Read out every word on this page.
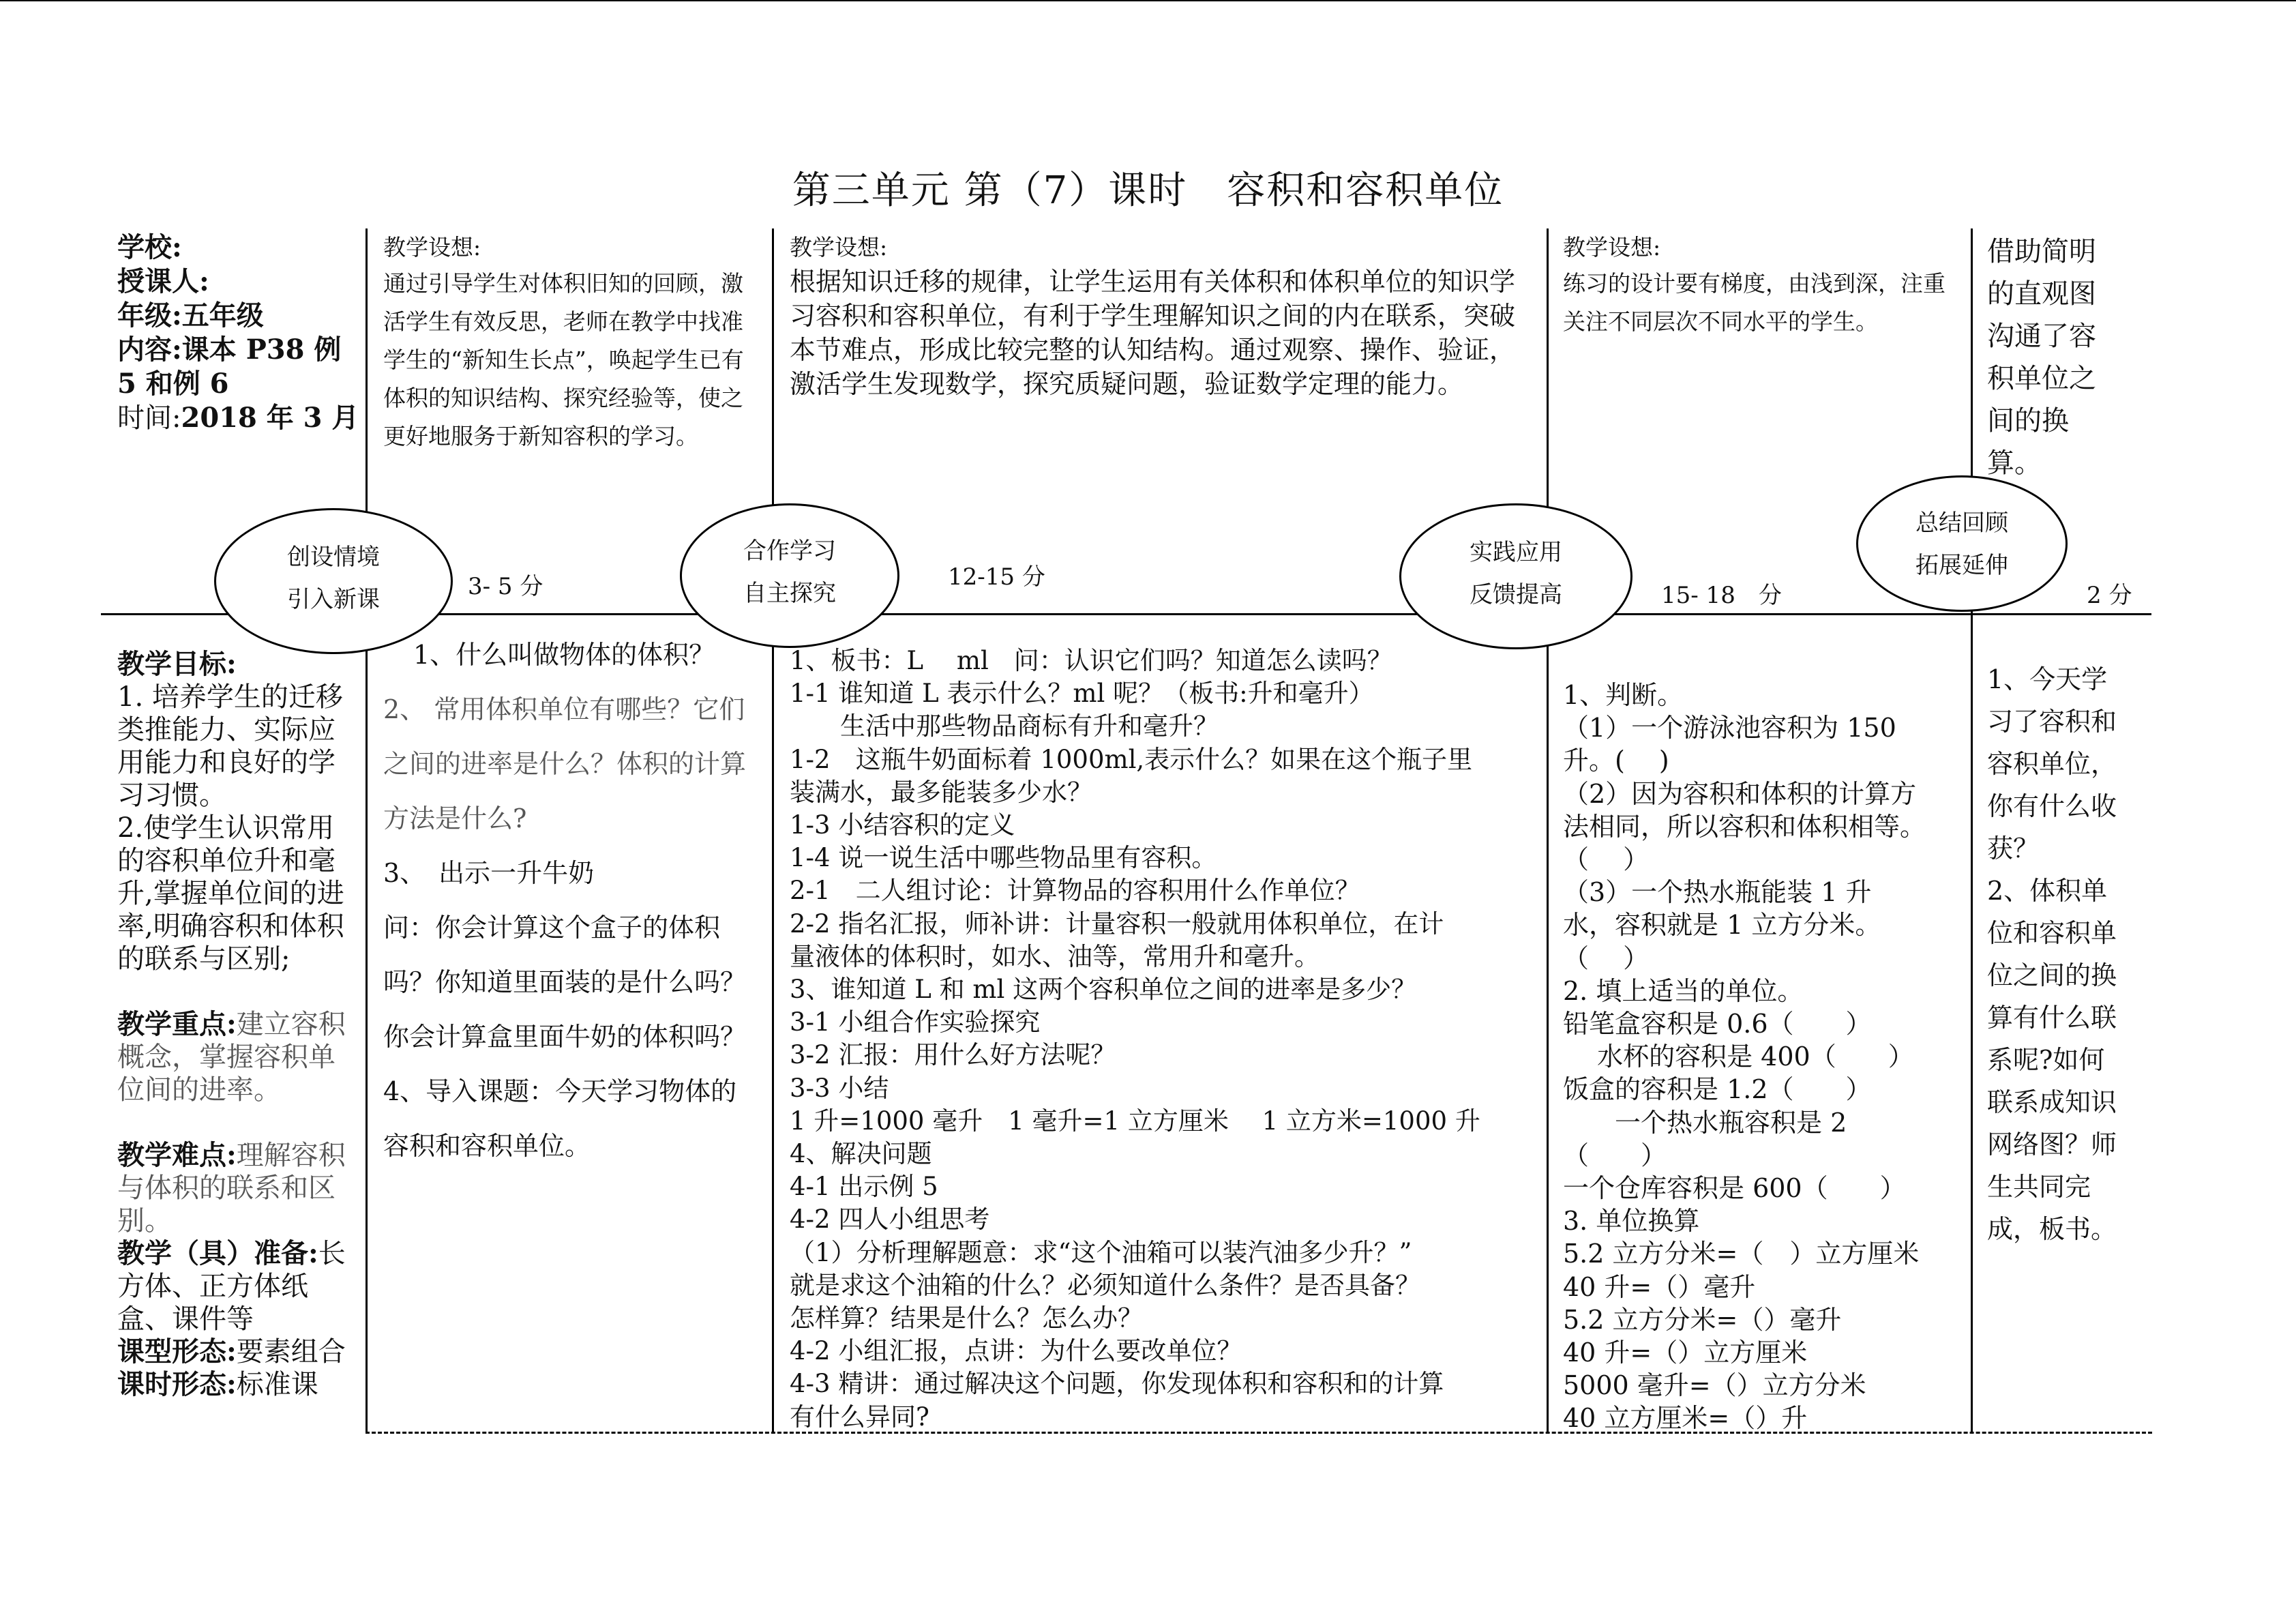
第三单元 第（7）课时　容积和容积单位
学校:
授课人:
年级:五年级
内容:课本 P38 例 5 和例 6
时间:2018 年 3 月
教学设想:
通过引导学生对体积旧知的回顾，激活学生有效反思，老师在教学中找准学生的“新知生长点”，唤起学生已有体积的知识结构、探究经验等，使之更好地服务于新知容积的学习。
教学设想:
根据知识迁移的规律，让学生运用有关体积和体积单位的知识学习容积和容积单位，有利于学生理解知识之间的内在联系，突破本节难点，形成比较完整的认知结构。通过观察、操作、验证，激活学生发现数学，探究质疑问题，验证数学定理的能力。
教学设想:
练习的设计要有梯度，由浅到深，注重关注不同层次不同水平的学生。
借助简明的直观图沟通了容积单位之间的换算。
创设情境
引入新课	3- 5 分
合作学习
自主探究
12-15 分
实践应用
反馈提高	15- 18　分
总结回顾
拓展延伸
2 分
教学目标:
1. 培养学生的迁移类推能力、实际应用能力和良好的学习习惯。
2.使学生认识常用的容积单位升和毫升,掌握单位间的进率,明确容积和体积的联系与区别;
教学重点:建立容积概念，掌握容积单位间的进率。
教学难点:理解容积与体积的联系和区别。
教学（具）准备:长方体、正方体纸盒、课件等
课型形态:要素组合
课时形态:标准课
1、什么叫做物体的体积？
2、 常用体积单位有哪些？它们之间的进率是什么？体积的计算方法是什么?
3、　出示一升牛奶
问：你会计算这个盒子的体积吗？你知道里面装的是什么吗？你会计算盒里面牛奶的体积吗？
4、导入课题：今天学习物体的容积和容积单位。
1、板书：L　 ml　问：认识它们吗？知道怎么读吗？
1-1 谁知道 L 表示什么？ml 呢？（板书:升和毫升）
　　生活中那些物品商标有升和毫升？
1-2　这瓶牛奶面标着 1000ml,表示什么？如果在这个瓶子里
装满水，最多能装多少水？
1-3 小结容积的定义
1-4 说一说生活中哪些物品里有容积。
2-1　二人组讨论：计算物品的容积用什么作单位？
2-2 指名汇报，师补讲：计量容积一般就用体积单位，在计
量液体的体积时，如水、油等，常用升和毫升。
3、谁知道 L 和 ml 这两个容积单位之间的进率是多少？
3-1 小组合作实验探究
3-2 汇报：用什么好方法呢？
3-3 小结
1 升=1000 毫升　1 毫升=1 立方厘米　 1 立方米=1000 升
4、解决问题
4-1 出示例 5
4-2 四人小组思考
（1）分析理解题意：求“这个油箱可以装汽油多少升？”
就是求这个油箱的什么？必须知道什么条件？是否具备？
怎样算？结果是什么？怎么办？
4-2 小组汇报，点讲：为什么要改单位？
4-3 精讲：通过解决这个问题，你发现体积和容积和的计算
有什么异同?
1、判断。
（1）一个游泳池容积为 150
升。(　 )
（2）因为容积和体积的计算方
法相同，所以容积和体积相等。
（　 ）
（3）一个热水瓶能装 1 升
水，容积就是 1 立方分米。
（　 ）
2. 填上适当的单位。
铅笔盒容积是 0.6（　　）
　 水杯的容积是 400（　　）
饭盒的容积是 1.2（　　）
　　一个热水瓶容积是 2
（　　）
一个仓库容积是 600（　　）
3. 单位换算
5.2 立方分米=（　）立方厘米
40 升=（）毫升
5.2 立方分米=（）毫升
40 升=（）立方厘米
5000 毫升=（）立方分米
40 立方厘米=（）升
1、今天学
习了容积和
容积单位，
你有什么收
获？
2、体积单
位和容积单
位之间的换
算有什么联
系呢?如何
联系成知识
网络图？师
生共同完
成，板书。
